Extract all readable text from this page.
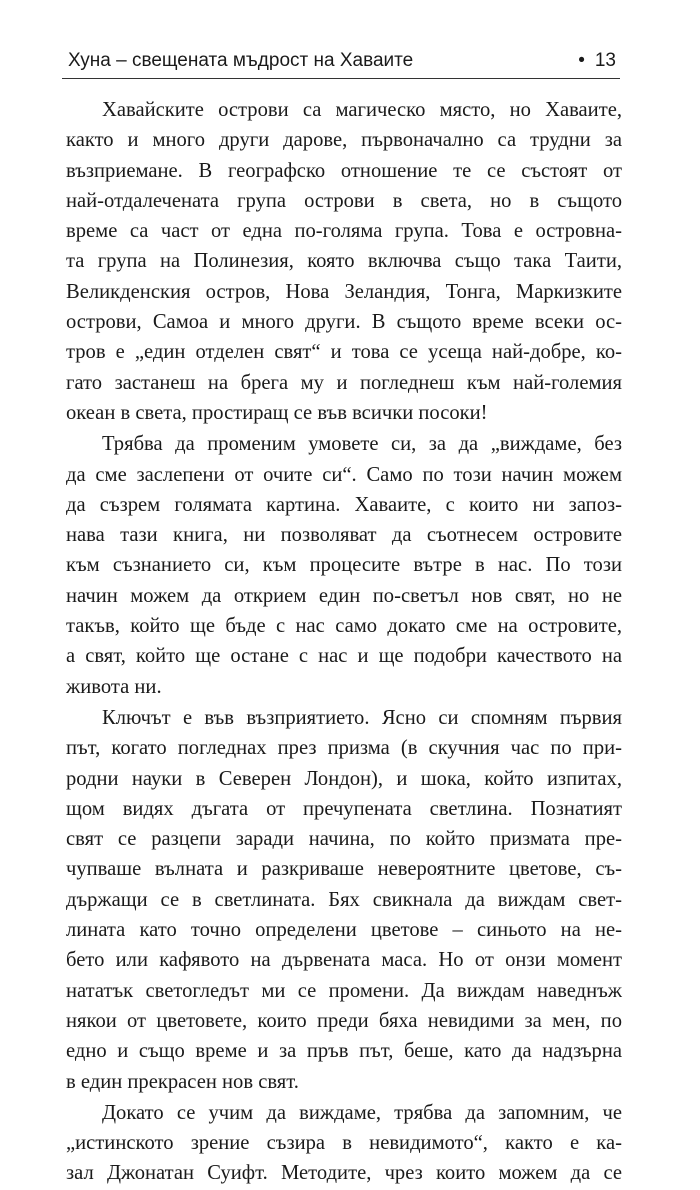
Хуна – свещената мъдрост на Хаваите	• 13
Хавайските острови са магическо място, но Хаваите,
както и много други дарове, първоначално са трудни за
възприемане. В географско отношение те се състоят от
най-отдалечената група острови в света, но в същото
време са част от една по-голяма група. Това е островна-
та група на Полинезия, която включва също така Таити,
Великденския остров, Нова Зеландия, Тонга, Маркизките
острови, Самоа и много други. В същото време всеки ос-
тров е „един отделен свят“ и това се усеща най-добре, ко-
гато застанеш на брега му и погледнеш към най-големия
океан в света, простиращ се във всички посоки!
Трябва да променим умовете си, за да „виждаме, без
да сме заслепени от очите си“. Само по този начин можем
да съзрем голямата картина. Хаваите, с които ни запоз-
нава тази книга, ни позволяват да съотнесем островите
към съзнанието си, към процесите вътре в нас. По този
начин можем да открием един по-светъл нов свят, но не
такъв, който ще бъде с нас само докато сме на островите,
а свят, който ще остане с нас и ще подобри качеството на
живота ни.
Ключът е във възприятието. Ясно си спомням първия
път, когато погледнах през призма (в скучния час по при-
родни науки в Северен Лондон), и шока, който изпитах,
щом видях дъгата от пречупената светлина. Познатият
свят се разцепи заради начина, по който призмата пре-
чупваше вълната и разкриваше невероятните цветове, съ-
държащи се в светлината. Бях свикнала да виждам свет-
лината като точно определени цветове – синьото на не-
бето или кафявото на дървената маса. Но от онзи момент
нататък светогледът ми се промени. Да виждам наведнъж
някои от цветовете, които преди бяха невидими за мен, по
едно и също време и за пръв път, беше, като да надзърна
в един прекрасен нов свят.
Докато се учим да виждаме, трябва да запомним, че
„истинското зрение съзира в невидимото“, както е ка-
зал Джонатан Суифт. Методите, чрез които можем да се
